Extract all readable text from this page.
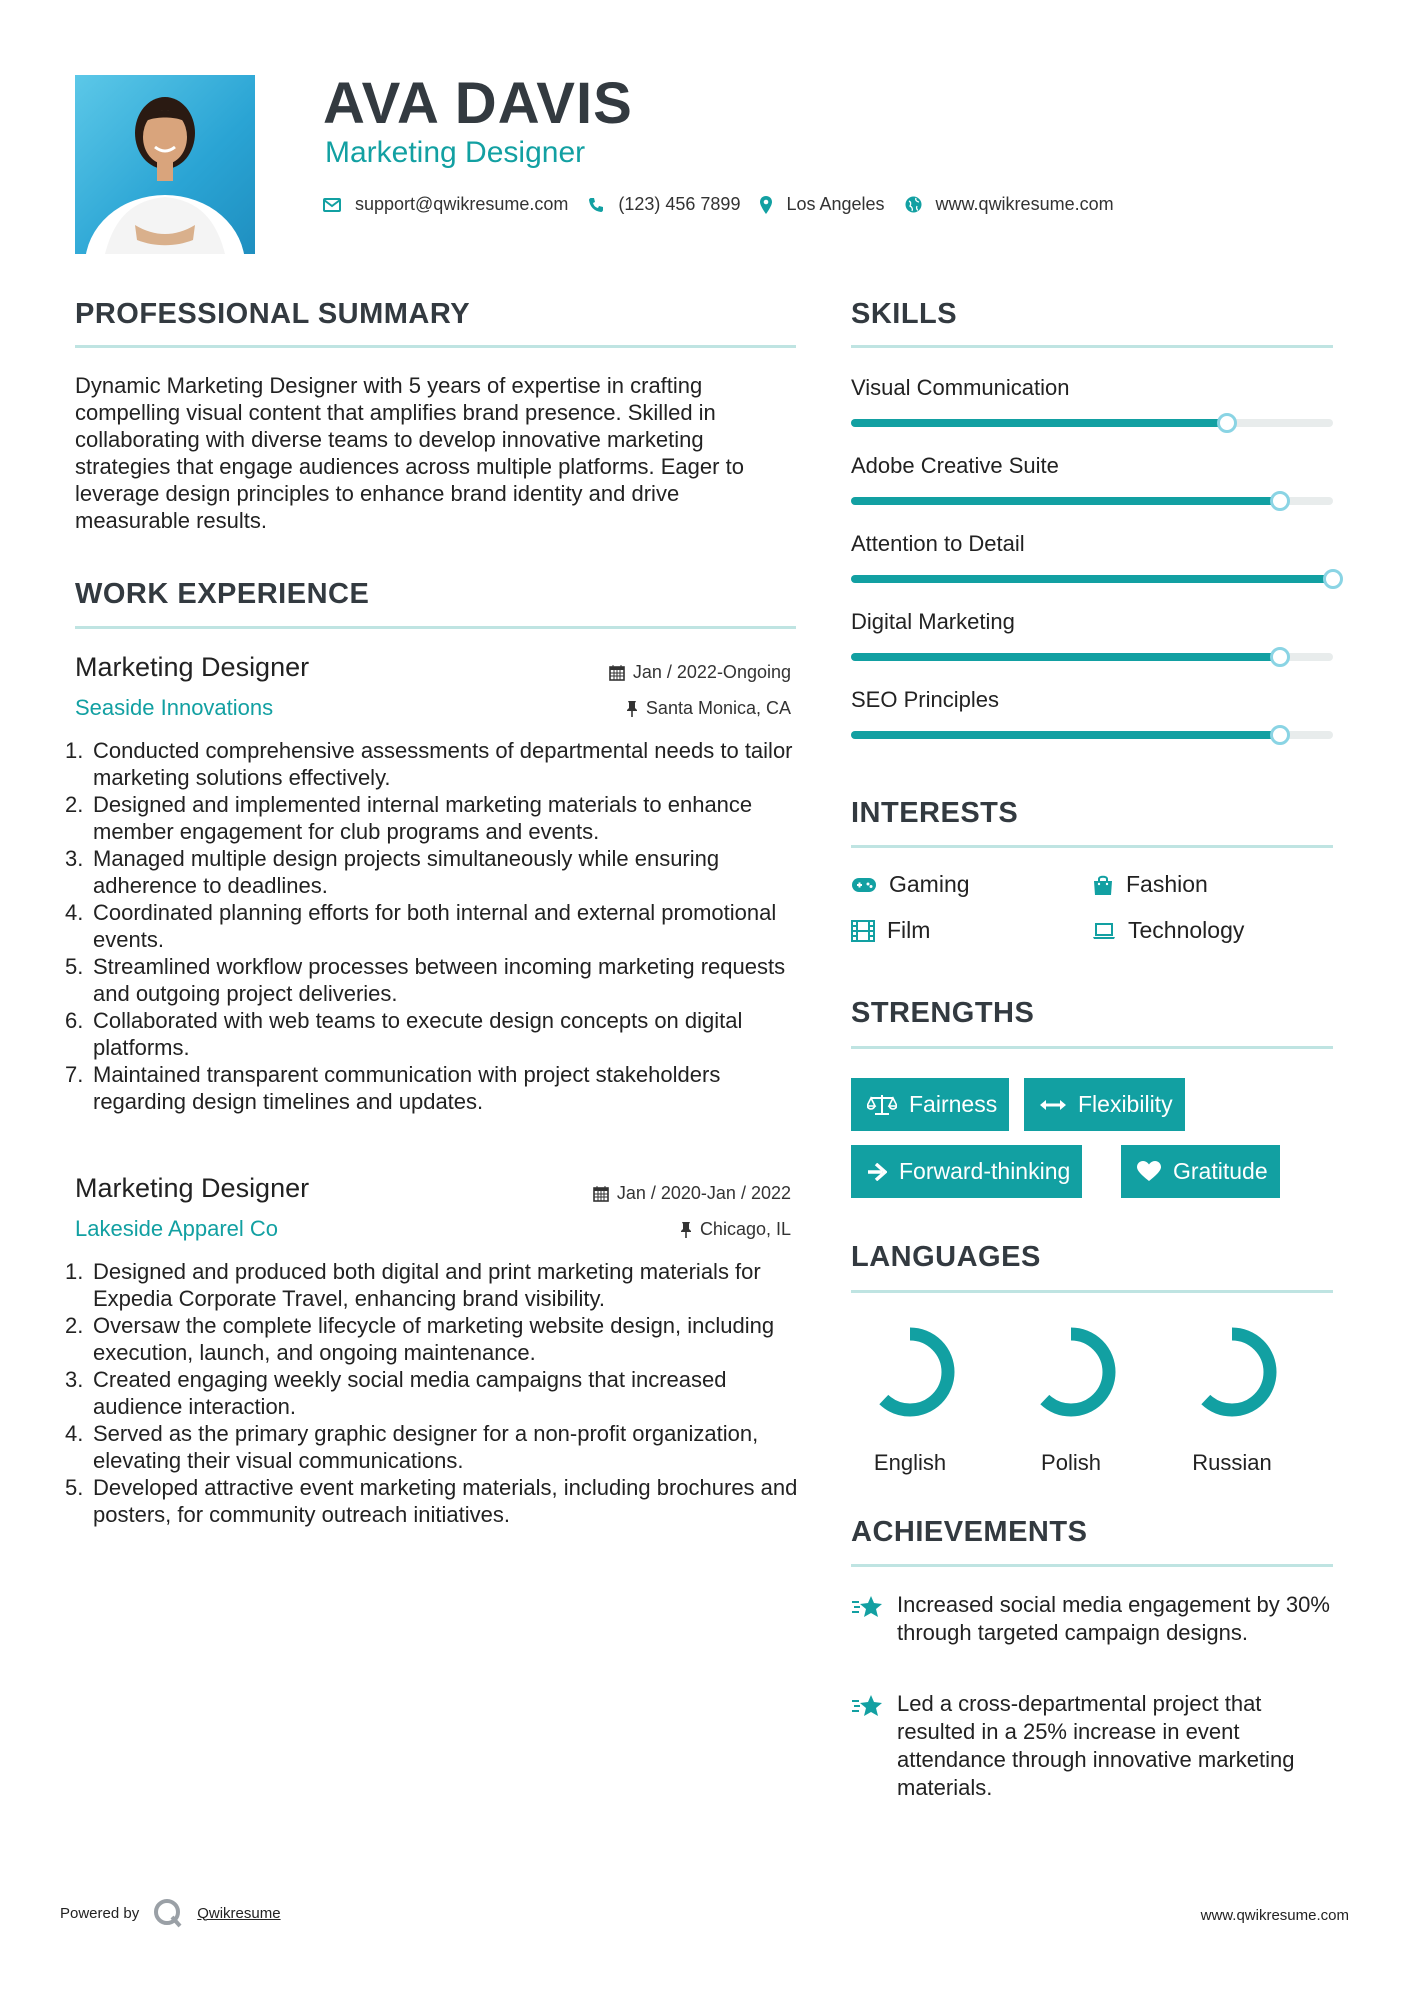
AVA DAVIS
Marketing Designer
support@qwikresume.com	(123) 456 7899	Los Angeles	www.qwikresume.com
PROFESSIONAL SUMMARY
Dynamic Marketing Designer with 5 years of expertise in crafting compelling visual content that amplifies brand presence. Skilled in collaborating with diverse teams to develop innovative marketing strategies that engage audiences across multiple platforms. Eager to leverage design principles to enhance brand identity and drive measurable results.
WORK EXPERIENCE
Marketing Designer	Jan / 2022-Ongoing
Seaside Innovations	Santa Monica, CA
1. Conducted comprehensive assessments of departmental needs to tailor marketing solutions effectively.
2. Designed and implemented internal marketing materials to enhance member engagement for club programs and events.
3. Managed multiple design projects simultaneously while ensuring adherence to deadlines.
4. Coordinated planning efforts for both internal and external promotional events.
5. Streamlined workflow processes between incoming marketing requests and outgoing project deliveries.
6. Collaborated with web teams to execute design concepts on digital platforms.
7. Maintained transparent communication with project stakeholders regarding design timelines and updates.
Marketing Designer	Jan / 2020-Jan / 2022
Lakeside Apparel Co	Chicago, IL
1. Designed and produced both digital and print marketing materials for Expedia Corporate Travel, enhancing brand visibility.
2. Oversaw the complete lifecycle of marketing website design, including execution, launch, and ongoing maintenance.
3. Created engaging weekly social media campaigns that increased audience interaction.
4. Served as the primary graphic designer for a non-profit organization, elevating their visual communications.
5. Developed attractive event marketing materials, including brochures and posters, for community outreach initiatives.
SKILLS
Visual Communication
Adobe Creative Suite
Attention to Detail
Digital Marketing
SEO Principles
INTERESTS
Gaming	Fashion
Film	Technology
STRENGTHS
Fairness	Flexibility
Forward-thinking	Gratitude
LANGUAGES
English	Polish	Russian
ACHIEVEMENTS
Increased social media engagement by 30% through targeted campaign designs.
Led a cross-departmental project that resulted in a 25% increase in event attendance through innovative marketing materials.
Powered by	Qwikresume	www.qwikresume.com
